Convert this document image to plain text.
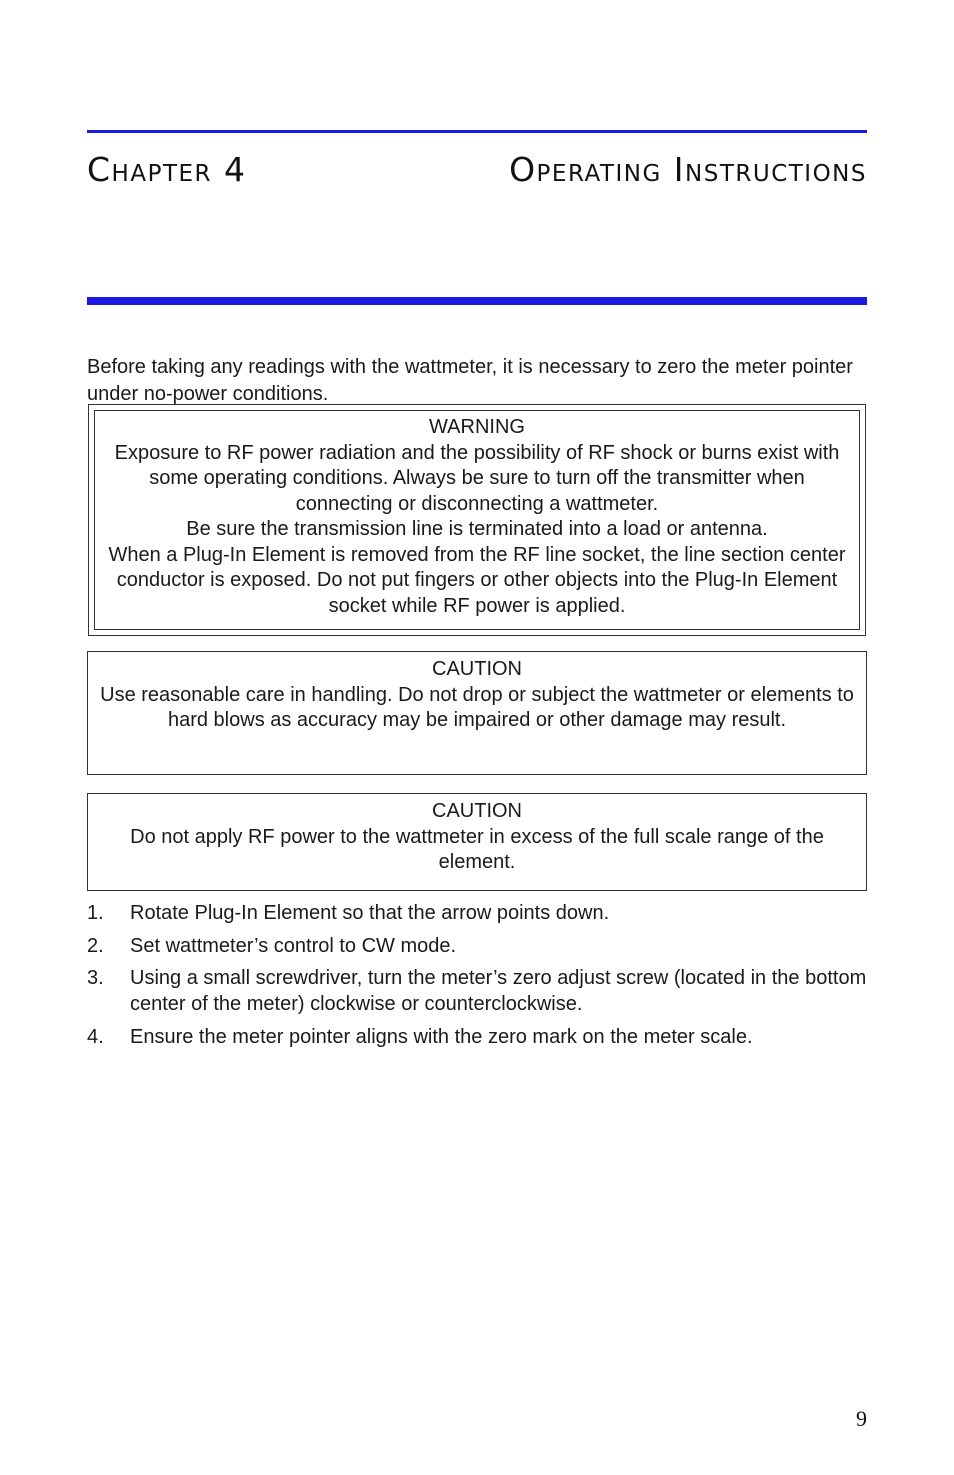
Chapter 4	Operating Instructions

Before taking any readings with the wattmeter, it is necessary to zero the meter pointer under no-power conditions.

WARNING

Exposure to RF power radiation and the possibility of RF shock or burns exist with some operating conditions. Always be sure to turn off the transmitter when connecting or disconnecting a wattmeter.

Be sure the transmission line is terminated into a load or antenna.

When a Plug-In Element is removed from the RF line socket, the line section center conductor is exposed. Do not put fingers or other objects into the Plug-In Element socket while RF power is applied.

CAUTION

Use reasonable care in handling. Do not drop or subject the wattmeter or elements to hard blows as accuracy may be impaired or other damage may result.

CAUTION

Do not apply RF power to the wattmeter in excess of the full scale range of the element.

1. Rotate Plug-In Element so that the arrow points down.
2. Set wattmeter’s control to CW mode.
3. Using a small screwdriver, turn the meter’s zero adjust screw (located in the bottom center of the meter) clockwise or counterclockwise.
4. Ensure the meter pointer aligns with the zero mark on the meter scale.
9
